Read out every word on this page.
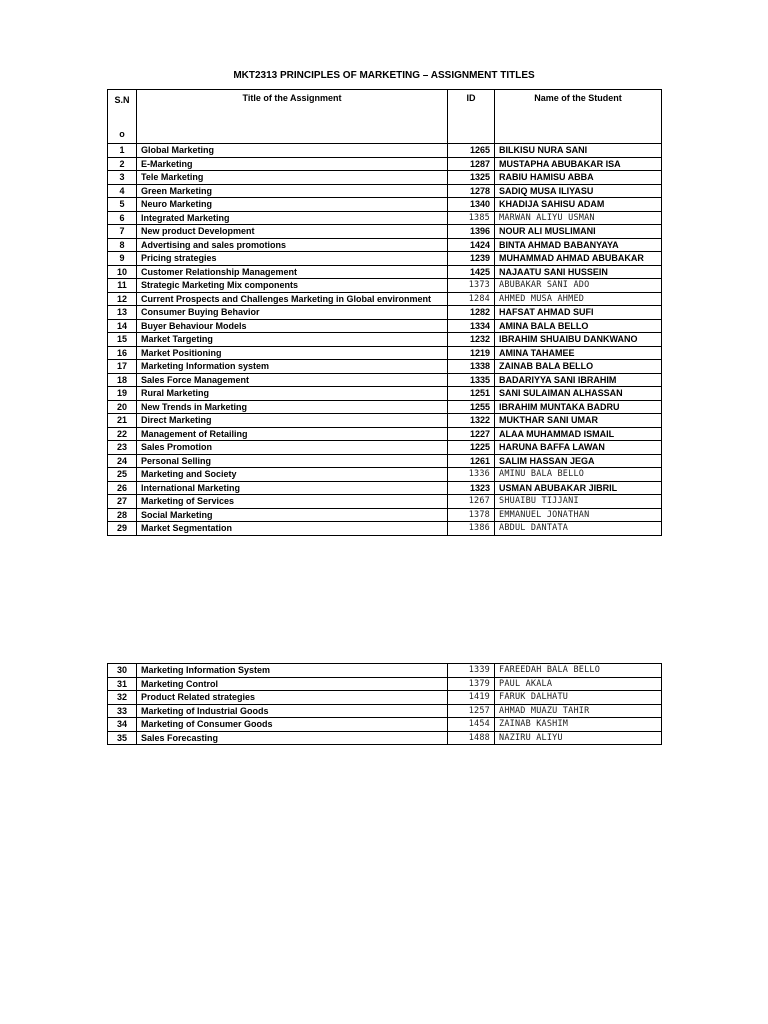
MKT2313 PRINCIPLES OF MARKETING – ASSIGNMENT TITLES
S.N

o	Title of the Assignment	ID	Name of the Student
1	Global Marketing	1265	BILKISU NURA SANI
2	E-Marketing	1287	MUSTAPHA ABUBAKAR ISA
3	Tele Marketing	1325	RABIU HAMISU ABBA
4	Green Marketing	1278	SADIQ MUSA ILIYASU
5	Neuro Marketing	1340	KHADIJA SAHISU ADAM
6	Integrated Marketing	1385	MARWAN ALIYU USMAN
7	New product Development	1396	NOUR ALI MUSLIMANI
8	Advertising and sales promotions	1424	BINTA AHMAD BABANYAYA
9	Pricing strategies	1239	MUHAMMAD AHMAD ABUBAKAR
10	Customer Relationship Management	1425	NAJAATU SANI HUSSEIN
11	Strategic Marketing Mix components	1373	ABUBAKAR SANI ADO
12	Current Prospects and Challenges Marketing in Global environment	1284	AHMED MUSA AHMED
13	Consumer Buying Behavior	1282	HAFSAT AHMAD SUFI
14	Buyer Behaviour Models	1334	AMINA BALA BELLO
15	Market Targeting	1232	IBRAHIM SHUAIBU DANKWANO
16	Market Positioning	1219	AMINA TAHAMEE
17	Marketing Information system	1338	ZAINAB BALA BELLO
18	Sales Force Management	1335	BADARIYYA SANI IBRAHIM
19	Rural Marketing	1251	SANI SULAIMAN ALHASSAN
20	New Trends in Marketing	1255	IBRAHIM MUNTAKA BADRU
21	Direct Marketing	1322	MUKTHAR SANI UMAR
22	Management of Retailing	1227	ALAA MUHAMMAD ISMAIL
23	Sales Promotion	1225	HARUNA BAFFA LAWAN
24	Personal Selling	1261	SALIM HASSAN JEGA
25	Marketing and Society	1336	AMINU BALA BELLO
26	International Marketing	1323	USMAN ABUBAKAR JIBRIL
27	Marketing of Services	1267	SHUAIBU TIJJANI
28	Social Marketing	1378	EMMANUEL JONATHAN
29	Market Segmentation	1386	ABDUL DANTATA
30	Marketing Information System	1339	FAREEDAH BALA BELLO
31	Marketing Control	1379	PAUL AKALA
32	Product Related strategies	1419	FARUK DALHATU
33	Marketing of Industrial Goods	1257	AHMAD MUAZU TAHIR
34	Marketing of Consumer Goods	1454	ZAINAB KASHIM
35	Sales Forecasting	1488	NAZIRU ALIYU
